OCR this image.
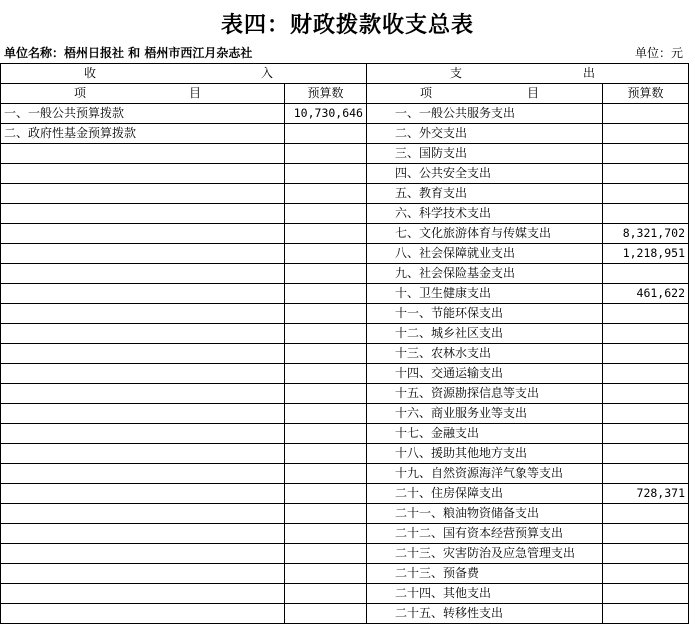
表四：财政拨款收支总表
单位名称：梧州日报社 和 梧州市西江月杂志社	单位：元
收 入		支 出	

项 目	预算数	项 目	预算数
一、一般公共预算拨款	10,730,646	一、一般公共服务支出	
二、政府性基金预算拨款		二、外交支出	
		三、国防支出	
		四、公共安全支出	
		五、教育支出	
		六、科学技术支出	
		七、文化旅游体育与传媒支出	8,321,702
		八、社会保障就业支出	1,218,951
		九、社会保险基金支出	
		十、卫生健康支出	461,622
		十一、节能环保支出	
		十二、城乡社区支出	
		十三、农林水支出	
		十四、交通运输支出	
		十五、资源勘探信息等支出	
		十六、商业服务业等支出	
		十七、金融支出	
		十八、援助其他地方支出	
		十九、自然资源海洋气象等支出	
		二十、住房保障支出	728,371
		二十一、粮油物资储备支出	
		二十二、国有资本经营预算支出	
		二十三、灾害防治及应急管理支出	
		二十三、预备费	
		二十四、其他支出	
		二十五、转移性支出	
